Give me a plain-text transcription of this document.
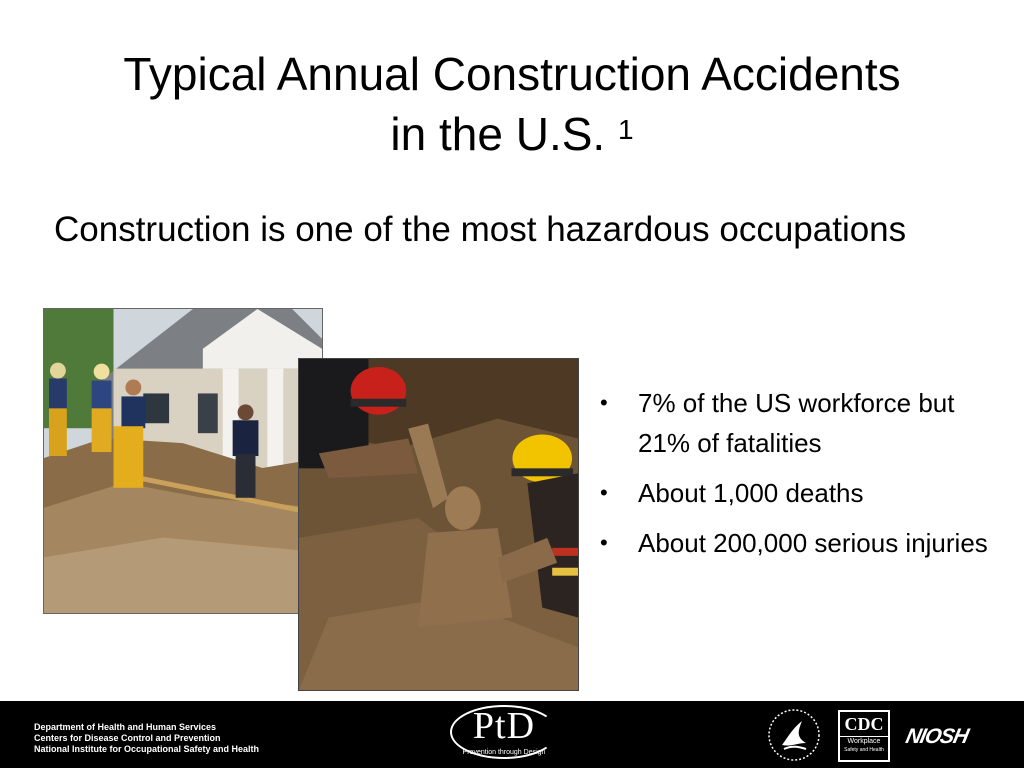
Typical Annual Construction Accidents
in the U.S. $^1$

Construction is one of the most hazardous occupations

• 7% of the US workforce but 21% of fatalities
• About 1,000 deaths
• About 200,000 serious injuries
Department of Health and Human Services
Centers for Disease Control and Prevention
National Institute for Occupational Safety and Health
PtD
Prevention through Design
CDC
Workplace
Safety and Health
NIOSH
